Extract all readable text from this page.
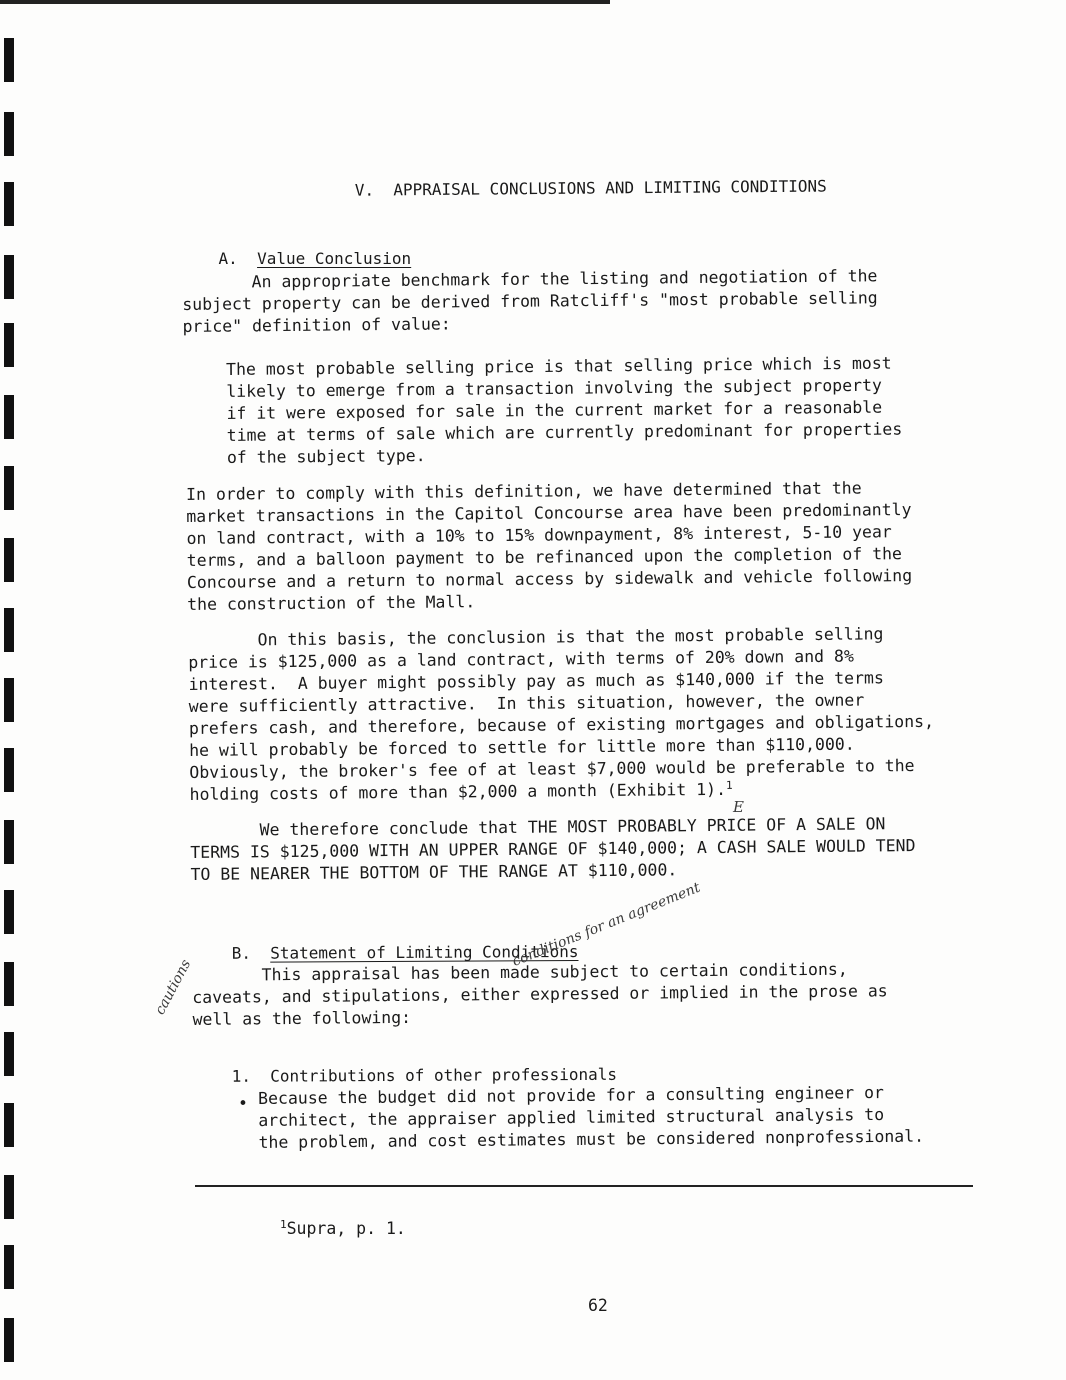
V. APPRAISAL CONCLUSIONS AND LIMITING CONDITIONS

A. Value Conclusion

An appropriate benchmark for the listing and negotiation of the
subject property can be derived from Ratcliff's "most probable selling
price" definition of value:
The most probable selling price is that selling price which is most
likely to emerge from a transaction involving the subject property
if it were exposed for sale in the current market for a reasonable
time at terms of sale which are currently predominant for properties
of the subject type.
In order to comply with this definition, we have determined that the
market transactions in the Capitol Concourse area have been predominantly
on land contract, with a 10% to 15% downpayment, 8% interest, 5-10 year
terms, and a balloon payment to be refinanced upon the completion of the
Concourse and a return to normal access by sidewalk and vehicle following
the construction of the Mall.
On this basis, the conclusion is that the most probable selling
price is $125,000 as a land contract, with terms of 20% down and 8%
interest.  A buyer might possibly pay as much as $140,000 if the terms
were sufficiently attractive.  In this situation, however, the owner
prefers cash, and therefore, because of existing mortgages and obligations,
he will probably be forced to settle for little more than $110,000.
Obviously, the broker's fee of at least $7,000 would be preferable to the
holding costs of more than $2,000 a month (Exhibit 1).$^1$
We therefore conclude that THE MOST PROBABLY PRICE OF A SALE ON
TERMS IS $125,000 WITH AN UPPER RANGE OF $140,000; A CASH SALE WOULD TEND
TO BE NEARER THE BOTTOM OF THE RANGE AT $110,000.

B. Statement of Limiting Conditions

This appraisal has been made subject to certain conditions,
caveats, and stipulations, either expressed or implied in the prose as
well as the following:

1. Contributions of other professionals

• Because the budget did not provide for a consulting engineer or
architect, the appraiser applied limited structural analysis to
the problem, and cost estimates must be considered nonprofessional.
E
conditions for an agreement
cautions
$^1$Supra, p. 1.
62
